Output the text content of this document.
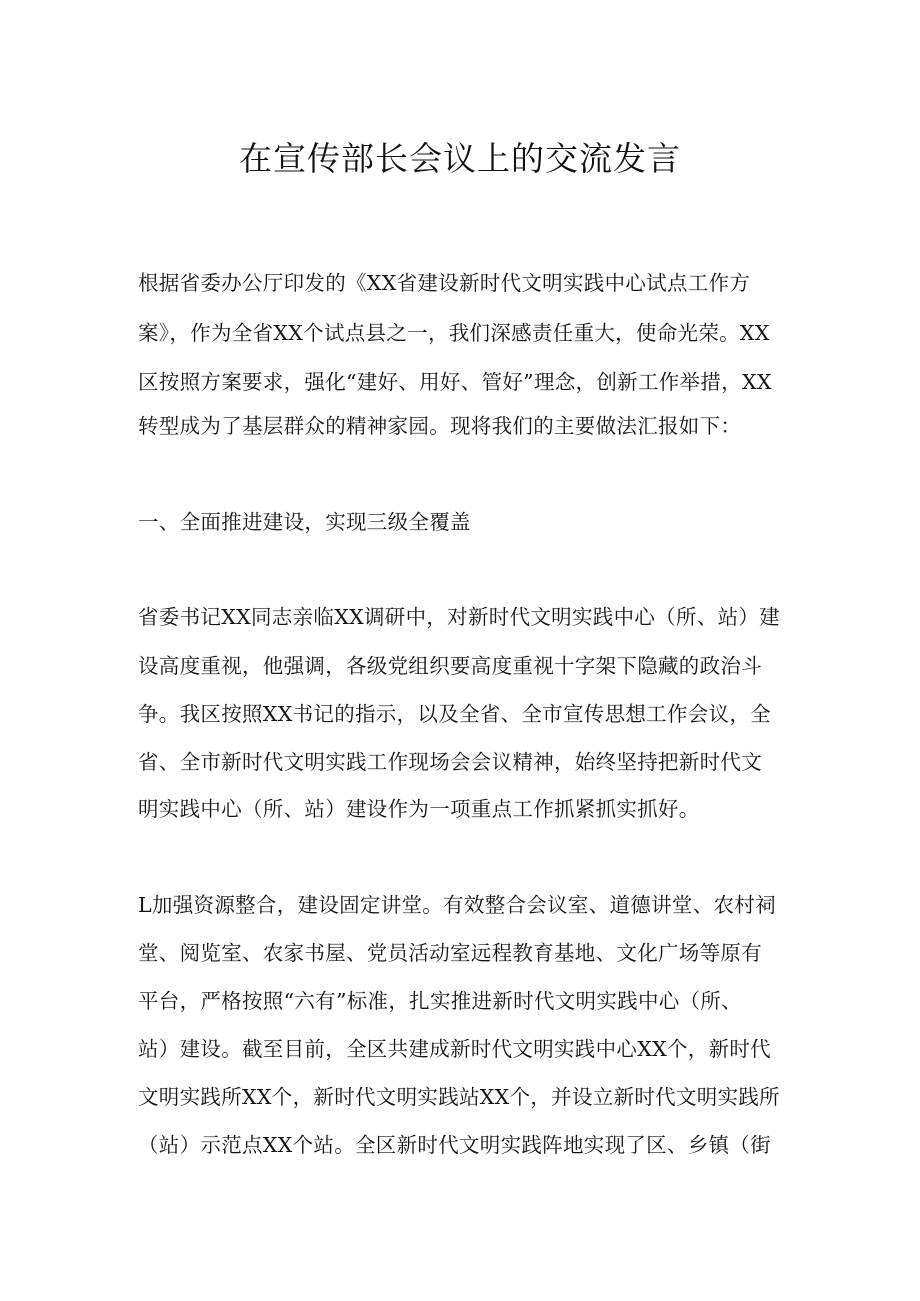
在宣传部长会议上的交流发言
根据省委办公厅印发的《XX省建设新时代文明实践中心试点工作方
案》，作为全省XX个试点县之一，我们深感责任重大，使命光荣。XX
区按照方案要求，强化“建好、用好、管好”理念，创新工作举措，XX
转型成为了基层群众的精神家园。现将我们的主要做法汇报如下：
一、全面推进建设，实现三级全覆盖
省委书记XX同志亲临XX调研中，对新时代文明实践中心（所、站）建
设高度重视，他强调，各级党组织要高度重视十字架下隐藏的政治斗
争。我区按照XX书记的指示，以及全省、全市宣传思想工作会议，全
省、全市新时代文明实践工作现场会会议精神，始终坚持把新时代文
明实践中心（所、站）建设作为一项重点工作抓紧抓实抓好。
L加强资源整合，建设固定讲堂。有效整合会议室、道德讲堂、农村祠
堂、阅览室、农家书屋、党员活动室远程教育基地、文化广场等原有
平台，严格按照“六有”标准，扎实推进新时代文明实践中心（所、
站）建设。截至目前，全区共建成新时代文明实践中心XX个，新时代
文明实践所XX个，新时代文明实践站XX个，并设立新时代文明实践所
（站）示范点XX个站。全区新时代文明实践阵地实现了区、乡镇（街
